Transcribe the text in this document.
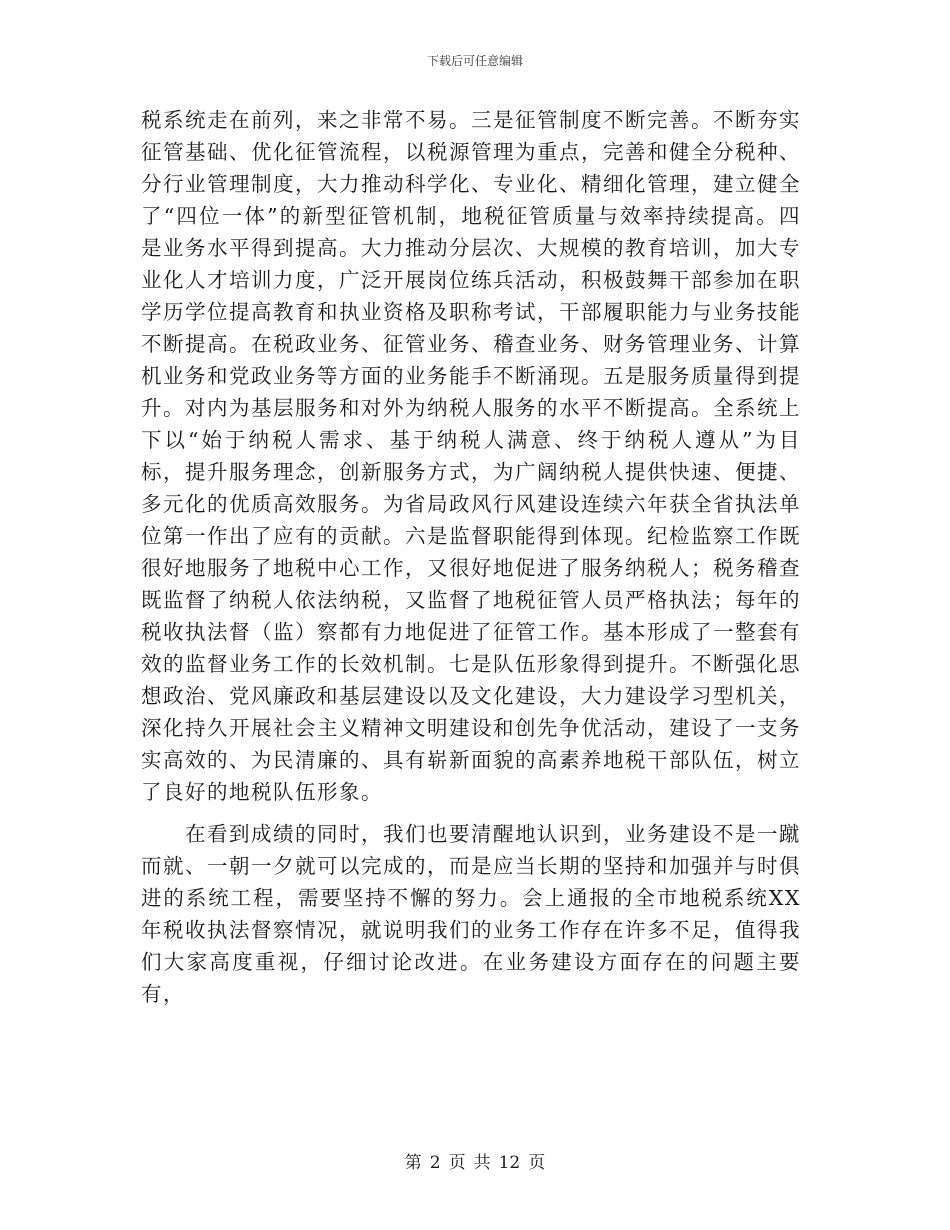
下载后可任意编辑

税系统走在前列，来之非常不易。三是征管制度不断完善。不断夯实征管基础、优化征管流程，以税源管理为重点，完善和健全分税种、分行业管理制度，大力推动科学化、专业化、精细化管理，建立健全了“四位一体”的新型征管机制，地税征管质量与效率持续提高。四是业务水平得到提高。大力推动分层次、大规模的教育培训，加大专业化人才培训力度，广泛开展岗位练兵活动，积极鼓舞干部参加在职学历学位提高教育和执业资格及职称考试，干部履职能力与业务技能不断提高。在税政业务、征管业务、稽查业务、财务管理业务、计算机业务和党政业务等方面的业务能手不断涌现。五是服务质量得到提升。对内为基层服务和对外为纳税人服务的水平不断提高。全系统上下以“始于纳税人需求、基于纳税人满意、终于纳税人遵从”为目标，提升服务理念，创新服务方式，为广阔纳税人提供快速、便捷、多元化的优质高效服务。为省局政风行风建设连续六年获全省执法单位第一作出了应有的贡献。六是监督职能得到体现。纪检监察工作既很好地服务了地税中心工作，又很好地促进了服务纳税人；税务稽查既监督了纳税人依法纳税，又监督了地税征管人员严格执法；每年的税收执法督（监）察都有力地促进了征管工作。基本形成了一整套有效的监督业务工作的长效机制。七是队伍形象得到提升。不断强化思想政治、党风廉政和基层建设以及文化建设，大力建设学习型机关，深化持久开展社会主义精神文明建设和创先争优活动，建设了一支务实高效的、为民清廉的、具有崭新面貌的高素养地税干部队伍，树立了良好的地税队伍形象。

在看到成绩的同时，我们也要清醒地认识到，业务建设不是一蹴而就、一朝一夕就可以完成的，而是应当长期的坚持和加强并与时俱进的系统工程，需要坚持不懈的努力。会上通报的全市地税系统XX年税收执法督察情况，就说明我们的业务工作存在许多不足，值得我们大家高度重视，仔细讨论改进。在业务建设方面存在的问题主要有，

第 2 页 共 12 页
